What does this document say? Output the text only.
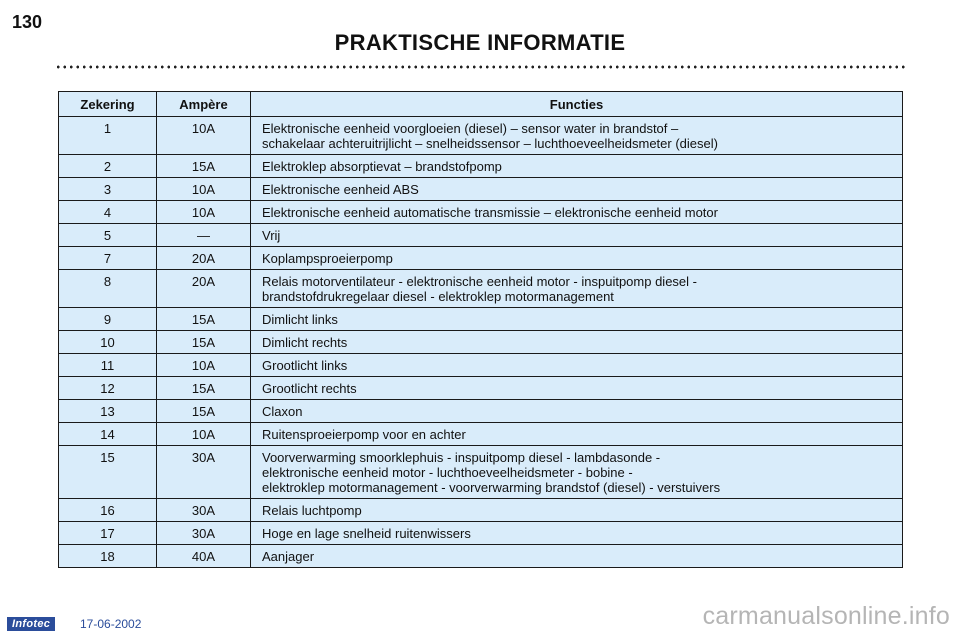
130
PRAKTISCHE INFORMATIE
Zekering	Ampère	Functies
1	10A	Elektronische eenheid voorgloeien (diesel) – sensor water in brandstof –
schakelaar achteruitrijlicht – snelheidssensor – luchthoeveelheidsmeter (diesel)

2	15A	Elektroklep absorptievat – brandstofpomp

3	10A	Elektronische eenheid ABS

4	10A	Elektronische eenheid automatische transmissie – elektronische eenheid motor

5	—	Vrij

7	20A	Koplampsproeierpomp

8	20A	Relais motorventilateur - elektronische eenheid motor - inspuitpomp diesel -
brandstofdrukregelaar diesel - elektroklep motormanagement

9	15A	Dimlicht links

10	15A	Dimlicht rechts

11	10A	Grootlicht links

12	15A	Grootlicht rechts

13	15A	Claxon

14	10A	Ruitensproeierpomp voor en achter

15	30A	Voorverwarming smoorklephuis - inspuitpomp diesel - lambdasonde -
elektronische eenheid motor - luchthoeveelheidsmeter - bobine -
elektroklep motormanagement - voorverwarming brandstof (diesel) - verstuivers

16	30A	Relais luchtpomp

17	30A	Hoge en lage snelheid ruitenwissers

18	40A	Aanjager
Infotec	17-06-2002	carmanualsonline.info
